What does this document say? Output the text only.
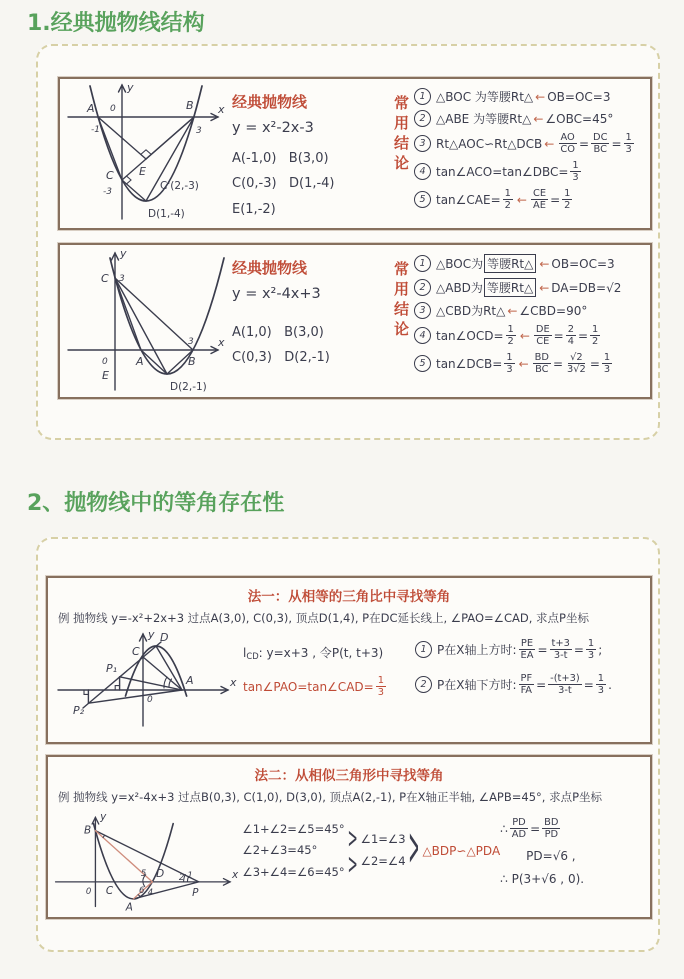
1.经典抛物线结构
y
x
A
-1
0	B
3
C
-3
E
C'(2,-3)
D(1,-4)
经典抛物线
y = x²-2x-3
A(-1,0)   B(3,0)
C(0,-3)   D(1,-4)
E(1,-2)
常用结论 1 △BOC 为等腰Rt△ ← OB=OC=3
2 △ABE 为等腰Rt△ ← ∠OBC=45°
3 Rt△AOC∽Rt△DCB ← $\frac{AO}{CO} = \frac{DC}{BC} = \frac{1}{3}$
4 tan∠ACO=tan∠DBC= $\frac{1}{3}$
5 tan∠CAE= $\frac{1}{2}$ ← $\frac{CE}{AE} = \frac{1}{2}$
y
x
C 3
0	A	B
3
E
D(2,-1)
经典抛物线
y = x²-4x+3
A(1,0)   B(3,0)
C(0,3)   D(2,-1)
常用结论 1 △BOC为 等腰Rt△ ← OB=OC=3
2 △ABD为 等腰Rt△ ← DA=DB=√2
3 △CBD为Rt△ ← ∠CBD=90°
4 tan∠OCD= $\frac{1}{2}$ ← $\frac{DE}{CE} = \frac{2}{4} = \frac{1}{2}$
5 tan∠DCB= $\frac{1}{3}$ ← $\frac{BD}{BC} = \frac{√2}{3√2} = \frac{1}{3}$
2、抛物线中的等角存在性
法一：从相等的三角比中寻找等角
例 抛物线 y=-x²+2x+3 过点A(3,0), C(0,3), 顶点D(1,4), P在DC延长线上, ∠PAO=∠CAD, 求点P坐标
y
x
C
D
A
0
P₁
P₂
l CD : y=x+3 , 令P(t, t+3)

tan∠PAO=tan∠CAD= $\frac{1}{3}$
1 P在X轴上方时: $\frac{PE}{EA} = \frac{t+3}{3-t} = \frac{1}{3}$ ;
2 P在X轴下方时: $\frac{PF}{FA} = \frac{-(t+3)}{3-t} = \frac{1}{3}$ .
法二：从相似三角形中寻找等角
例 抛物线 y=x²-4x+3 过点B(0,3), C(1,0), D(3,0), 顶点A(2,-1), P在X轴正半轴, ∠APB=45°, 求点P坐标
y
x
B
0 C
A
D
P
5
6 4
2 1
∠1+∠2=∠5=45°
∠2+∠3=45°
∠3+∠4=∠6=45°
>
>
∠1=∠3
∠2=∠4 > △BDP∽△PDA
∴ $\frac{PD}{AD} = \frac{BD}{PD}$
PD=√6 ,
∴ P(3+√6 , 0).
